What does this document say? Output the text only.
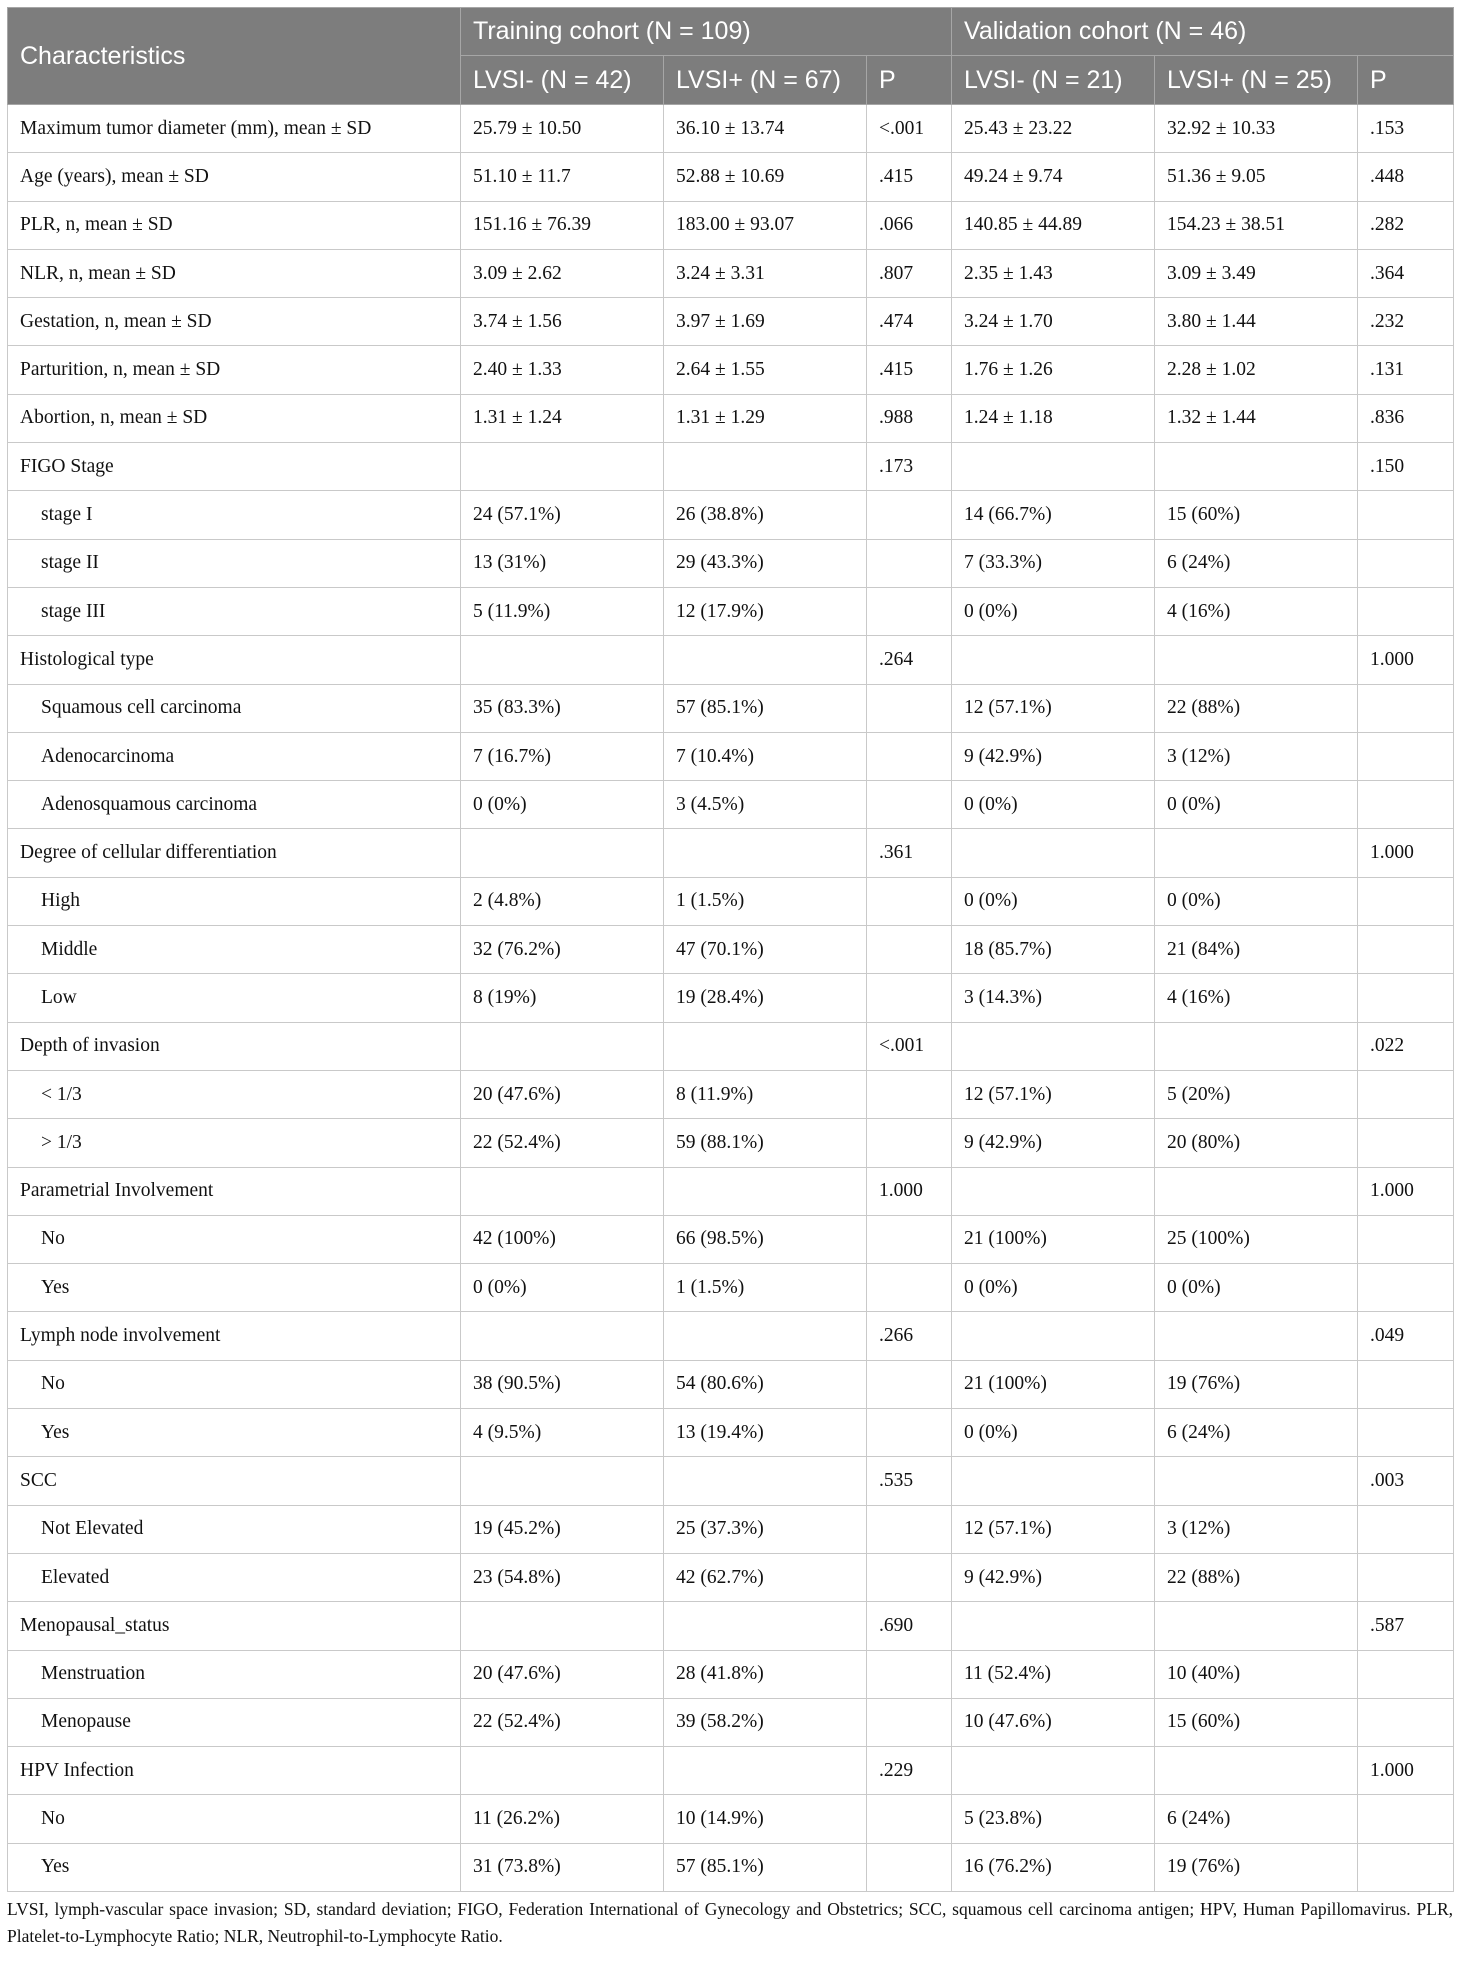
Characteristics	Training cohort (N = 109)			Validation cohort (N = 46)		
	LVSI- (N = 42)	LVSI+ (N = 67)	P	LVSI- (N = 21)	LVSI+ (N = 25)	P
Maximum tumor diameter (mm), mean ± SD	25.79 ± 10.50	36.10 ± 13.74	<.001	25.43 ± 23.22	32.92 ± 10.33	.153
Age (years), mean ± SD	51.10 ± 11.7	52.88 ± 10.69	.415	49.24 ± 9.74	51.36 ± 9.05	.448
PLR, n, mean ± SD	151.16 ± 76.39	183.00 ± 93.07	.066	140.85 ± 44.89	154.23 ± 38.51	.282
NLR, n, mean ± SD	3.09 ± 2.62	3.24 ± 3.31	.807	2.35 ± 1.43	3.09 ± 3.49	.364
Gestation, n, mean ± SD	3.74 ± 1.56	3.97 ± 1.69	.474	3.24 ± 1.70	3.80 ± 1.44	.232
Parturition, n, mean ± SD	2.40 ± 1.33	2.64 ± 1.55	.415	1.76 ± 1.26	2.28 ± 1.02	.131
Abortion, n, mean ± SD	1.31 ± 1.24	1.31 ± 1.29	.988	1.24 ± 1.18	1.32 ± 1.44	.836
FIGO Stage			.173			.150
stage I	24 (57.1%)	26 (38.8%)		14 (66.7%)	15 (60%)	
stage II	13 (31%)	29 (43.3%)		7 (33.3%)	6 (24%)	
stage III	5 (11.9%)	12 (17.9%)		0 (0%)	4 (16%)	
Histological type			.264			1.000
Squamous cell carcinoma	35 (83.3%)	57 (85.1%)		12 (57.1%)	22 (88%)	
Adenocarcinoma	7 (16.7%)	7 (10.4%)		9 (42.9%)	3 (12%)	
Adenosquamous carcinoma	0 (0%)	3 (4.5%)		0 (0%)	0 (0%)	
Degree of cellular differentiation			.361			1.000
High	2 (4.8%)	1 (1.5%)		0 (0%)	0 (0%)	
Middle	32 (76.2%)	47 (70.1%)		18 (85.7%)	21 (84%)	
Low	8 (19%)	19 (28.4%)		3 (14.3%)	4 (16%)	
Depth of invasion			<.001			.022
< 1/3	20 (47.6%)	8 (11.9%)		12 (57.1%)	5 (20%)	
> 1/3	22 (52.4%)	59 (88.1%)		9 (42.9%)	20 (80%)	
Parametrial Involvement			1.000			1.000
No	42 (100%)	66 (98.5%)		21 (100%)	25 (100%)	
Yes	0 (0%)	1 (1.5%)		0 (0%)	0 (0%)	
Lymph node involvement			.266			.049
No	38 (90.5%)	54 (80.6%)		21 (100%)	19 (76%)	
Yes	4 (9.5%)	13 (19.4%)		0 (0%)	6 (24%)	
SCC			.535			.003
Not Elevated	19 (45.2%)	25 (37.3%)		12 (57.1%)	3 (12%)	
Elevated	23 (54.8%)	42 (62.7%)		9 (42.9%)	22 (88%)	
Menopausal_status			.690			.587
Menstruation	20 (47.6%)	28 (41.8%)		11 (52.4%)	10 (40%)	
Menopause	22 (52.4%)	39 (58.2%)		10 (47.6%)	15 (60%)	
HPV Infection			.229			1.000
No	11 (26.2%)	10 (14.9%)		5 (23.8%)	6 (24%)	
Yes	31 (73.8%)	57 (85.1%)		16 (76.2%)	19 (76%)	
LVSI, lymph-vascular space invasion; SD, standard deviation; FIGO, Federation International of Gynecology and Obstetrics; SCC, squamous cell carcinoma antigen; HPV, Human Papillomavirus. PLR, Platelet-to-Lymphocyte Ratio; NLR, Neutrophil-to-Lymphocyte Ratio.
